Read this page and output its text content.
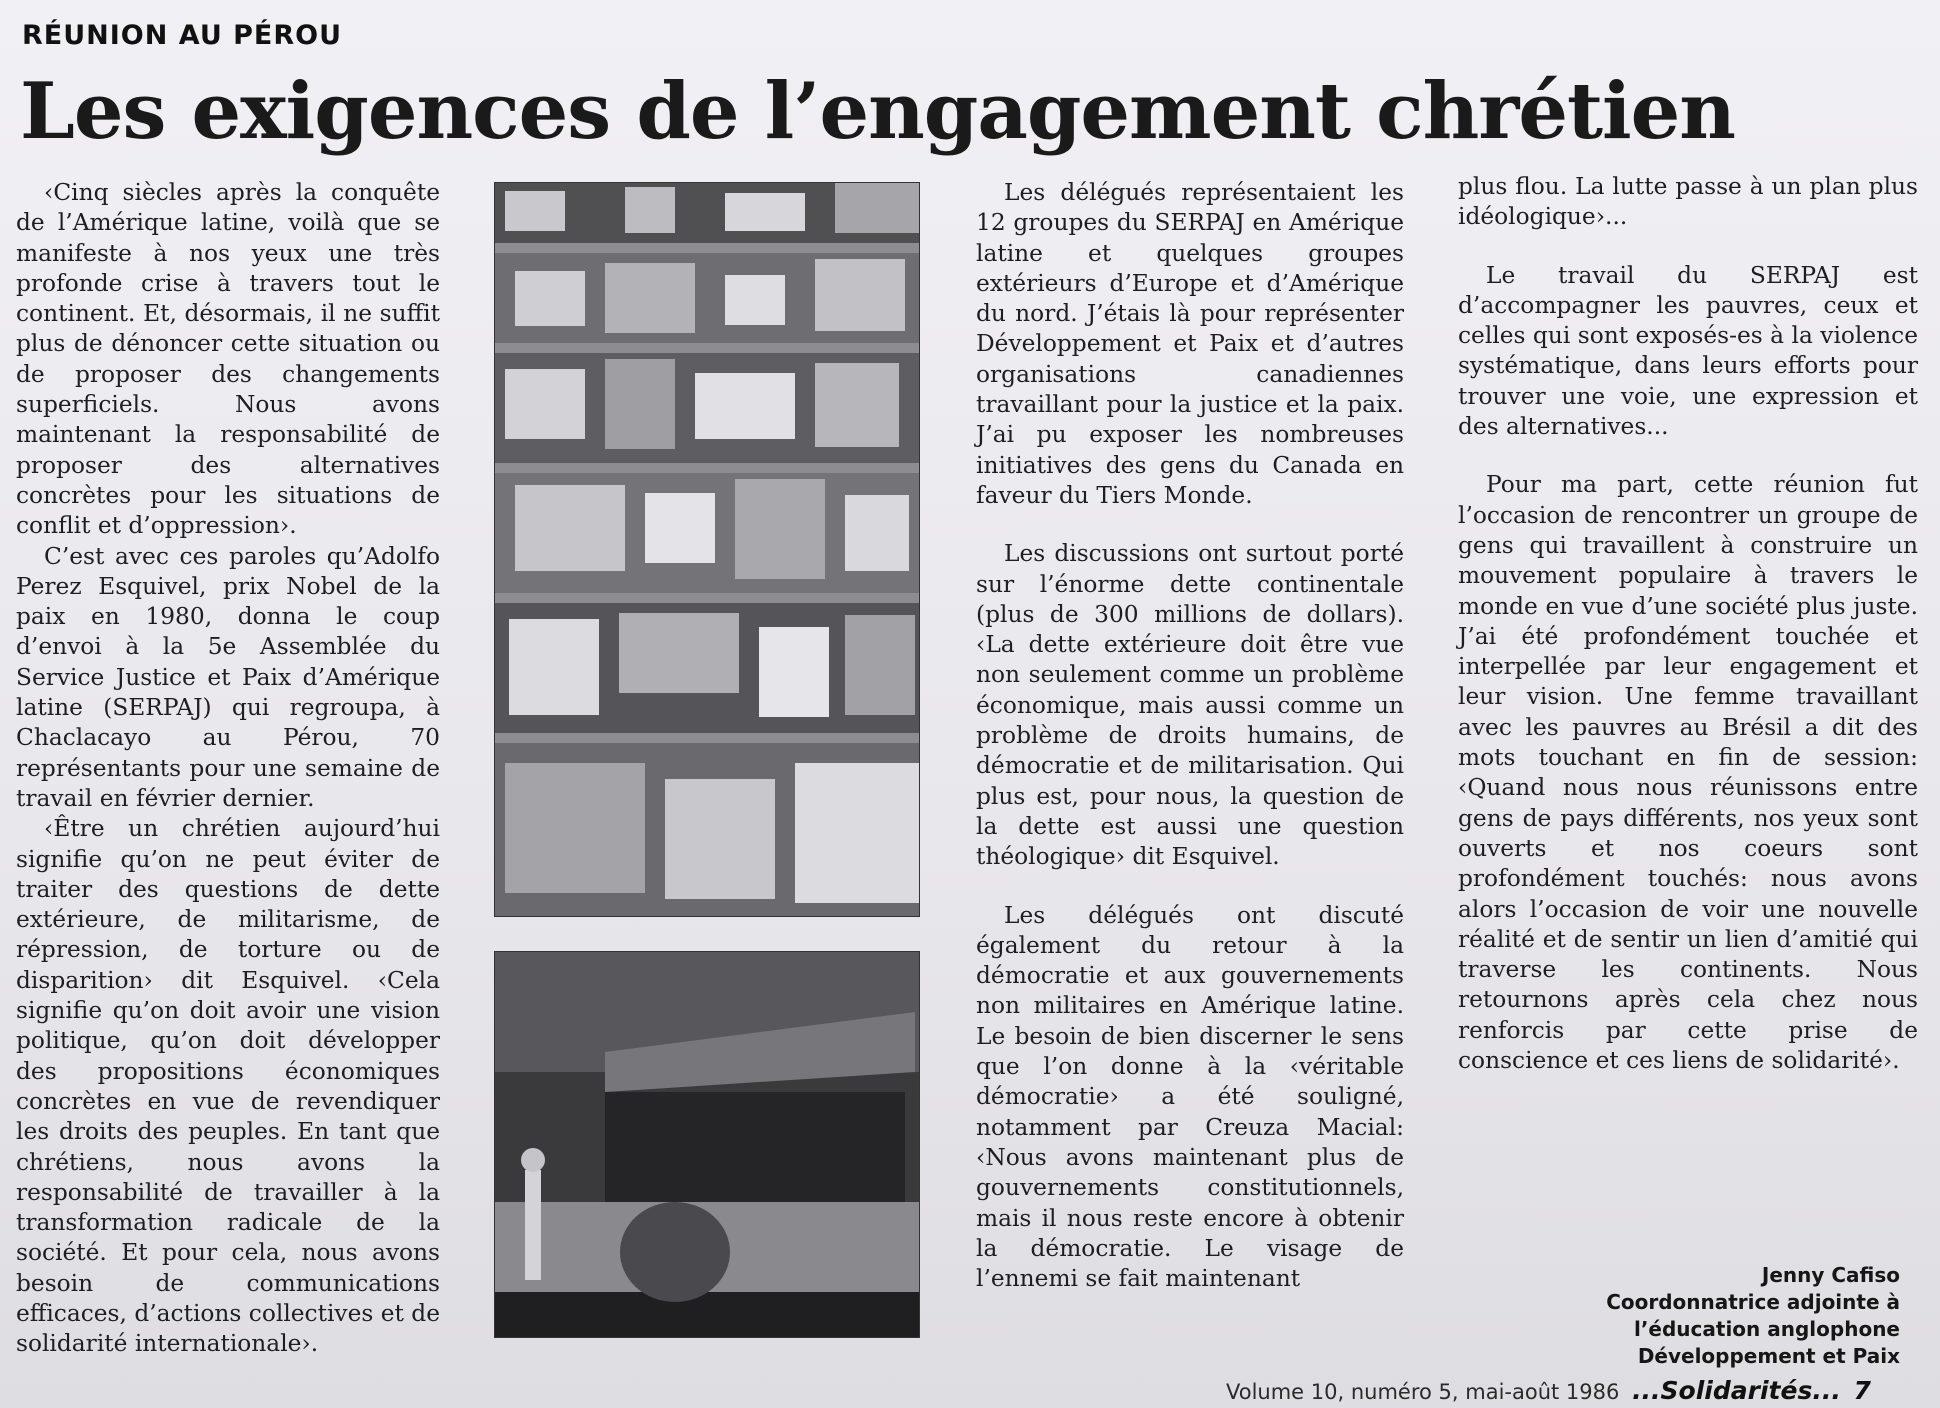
RÉUNION AU PÉROU
Les exigences de l’engagement chrétien

‹Cinq siècles après la conquête de l’Amérique latine, voilà que se manifeste à nos yeux une très profonde crise à travers tout le continent. Et, désormais, il ne suffit plus de dénoncer cette situation ou de proposer des changements superficiels. Nous avons maintenant la responsabilité de proposer des alternatives concrètes pour les situations de conflit et d’oppression›.

C’est avec ces paroles qu’Adolfo Perez Esquivel, prix Nobel de la paix en 1980, donna le coup d’envoi à la 5e Assemblée du Service Justice et Paix d’Amérique latine (SERPAJ) qui regroupa, à Chaclacayo au Pérou, 70 représentants pour une semaine de travail en février dernier.

‹Être un chrétien aujourd’hui signifie qu’on ne peut éviter de traiter des questions de dette extérieure, de militarisme, de répression, de torture ou de disparition› dit Esquivel. ‹Cela signifie qu’on doit avoir une vision politique, qu’on doit développer des propositions économiques concrètes en vue de revendiquer les droits des peuples. En tant que chrétiens, nous avons la responsabilité de travailler à la transformation radicale de la société. Et pour cela, nous avons besoin de communications efficaces, d’actions collectives et de solidarité internationale›.

Les délégués représentaient les 12 groupes du SERPAJ en Amérique latine et quelques groupes extérieurs d’Europe et d’Amérique du nord. J’étais là pour représenter Développement et Paix et d’autres organisations canadiennes travaillant pour la justice et la paix. J’ai pu exposer les nombreuses initiatives des gens du Canada en faveur du Tiers Monde.

Les discussions ont surtout porté sur l’énorme dette continentale (plus de 300 millions de dollars). ‹La dette extérieure doit être vue non seulement comme un problème économique, mais aussi comme un problème de droits humains, de démocratie et de militarisation. Qui plus est, pour nous, la question de la dette est aussi une question théologique› dit Esquivel.

Les délégués ont discuté également du retour à la démocratie et aux gouvernements non militaires en Amérique latine. Le besoin de bien discerner le sens que l’on donne à la ‹véritable démocratie› a été souligné, notamment par Creuza Macial: ‹Nous avons maintenant plus de gouvernements constitutionnels, mais il nous reste encore à obtenir la démocratie. Le visage de l’ennemi se fait maintenant

plus flou. La lutte passe à un plan plus idéologique›...

Le travail du SERPAJ est d’accompagner les pauvres, ceux et celles qui sont exposés-es à la violence systématique, dans leurs efforts pour trouver une voie, une expression et des alternatives...

Pour ma part, cette réunion fut l’occasion de rencontrer un groupe de gens qui travaillent à construire un mouvement populaire à travers le monde en vue d’une société plus juste. J’ai été profondément touchée et interpellée par leur engagement et leur vision. Une femme travaillant avec les pauvres au Brésil a dit des mots touchant en fin de session: ‹Quand nous nous réunissons entre gens de pays différents, nos yeux sont ouverts et nos coeurs sont profondément touchés: nous avons alors l’occasion de voir une nouvelle réalité et de sentir un lien d’amitié qui traverse les continents. Nous retournons après cela chez nous renforcis par cette prise de conscience et ces liens de solidarité›.

Jenny Cafiso
Coordonnatrice adjointe à
l’éducation anglophone
Développement et Paix
Volume 10, numéro 5, mai-août 1986 ...Solidarités... 7
